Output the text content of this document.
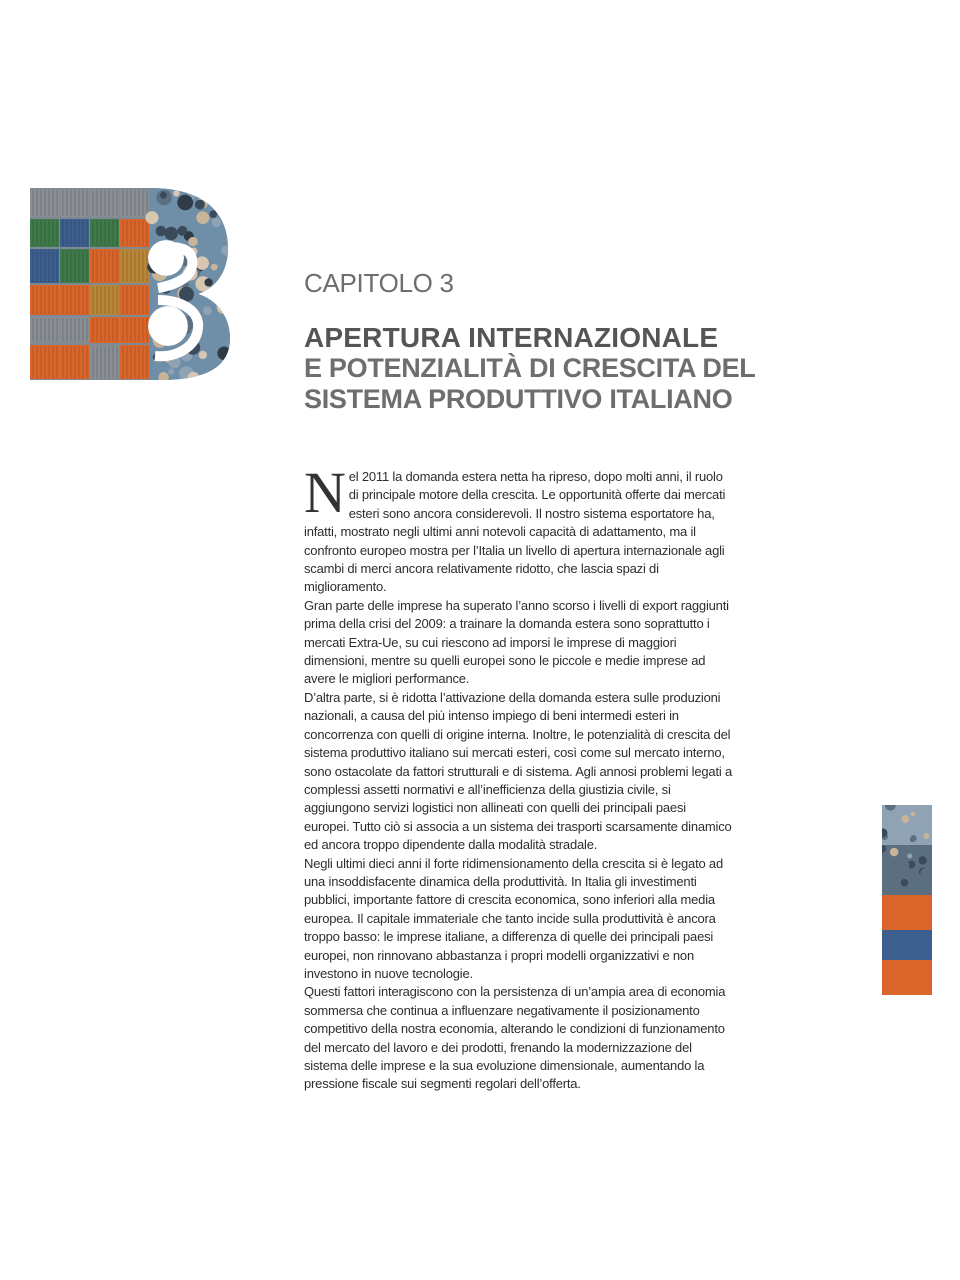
CAPITOLO 3
APERTURA INTERNAZIONALE
E POTENZIALITÀ DI CRESCITA DEL
SISTEMA PRODUTTIVO ITALIANO
N el 2011 la domanda estera netta ha ripreso, dopo molti anni, il ruolo di principale motore della crescita. Le opportunità offerte dai mercati esteri sono ancora considerevoli. Il nostro sistema esportatore ha, infatti, mostrato negli ultimi anni notevoli capacità di adattamento, ma il confronto europeo mostra per l’Italia un livello di apertura internazionale agli scambi di merci ancora relativamente ridotto, che lascia spazi di miglioramento.

Gran parte delle imprese ha superato l’anno scorso i livelli di export raggiunti prima della crisi del 2009: a trainare la domanda estera sono soprattutto i mercati Extra-Ue, su cui riescono ad imporsi le imprese di maggiori dimensioni, mentre su quelli europei sono le piccole e medie imprese ad avere le migliori performance.

D’altra parte, si è ridotta l’attivazione della domanda estera sulle produzioni nazionali, a causa del più intenso impiego di beni intermedi esteri in concorrenza con quelli di origine interna. Inoltre, le potenzialità di crescita del sistema produttivo italiano sui mercati esteri, così come sul mercato interno, sono ostacolate da fattori strutturali e di sistema. Agli annosi problemi legati a complessi assetti normativi e all’inefficienza della giustizia civile, si aggiungono servizi logistici non allineati con quelli dei principali paesi europei. Tutto ciò si associa a un sistema dei trasporti scarsamente dinamico ed ancora troppo dipendente dalla modalità stradale.

Negli ultimi dieci anni il forte ridimensionamento della crescita si è legato ad una insoddisfacente dinamica della produttività. In Italia gli investimenti pubblici, importante fattore di crescita economica, sono inferiori alla media europea. Il capitale immateriale che tanto incide sulla produttività è ancora troppo basso: le imprese italiane, a differenza di quelle dei principali paesi europei, non rinnovano abbastanza i propri modelli organizzativi e non investono in nuove tecnologie.

Questi fattori interagiscono con la persistenza di un’ampia area di economia sommersa che continua a influenzare negativamente il posizionamento competitivo della nostra economia, alterando le condizioni di funzionamento del mercato del lavoro e dei prodotti, frenando la modernizzazione del sistema delle imprese e la sua evoluzione dimensionale, aumentando la pressione fiscale sui segmenti regolari dell’offerta.
